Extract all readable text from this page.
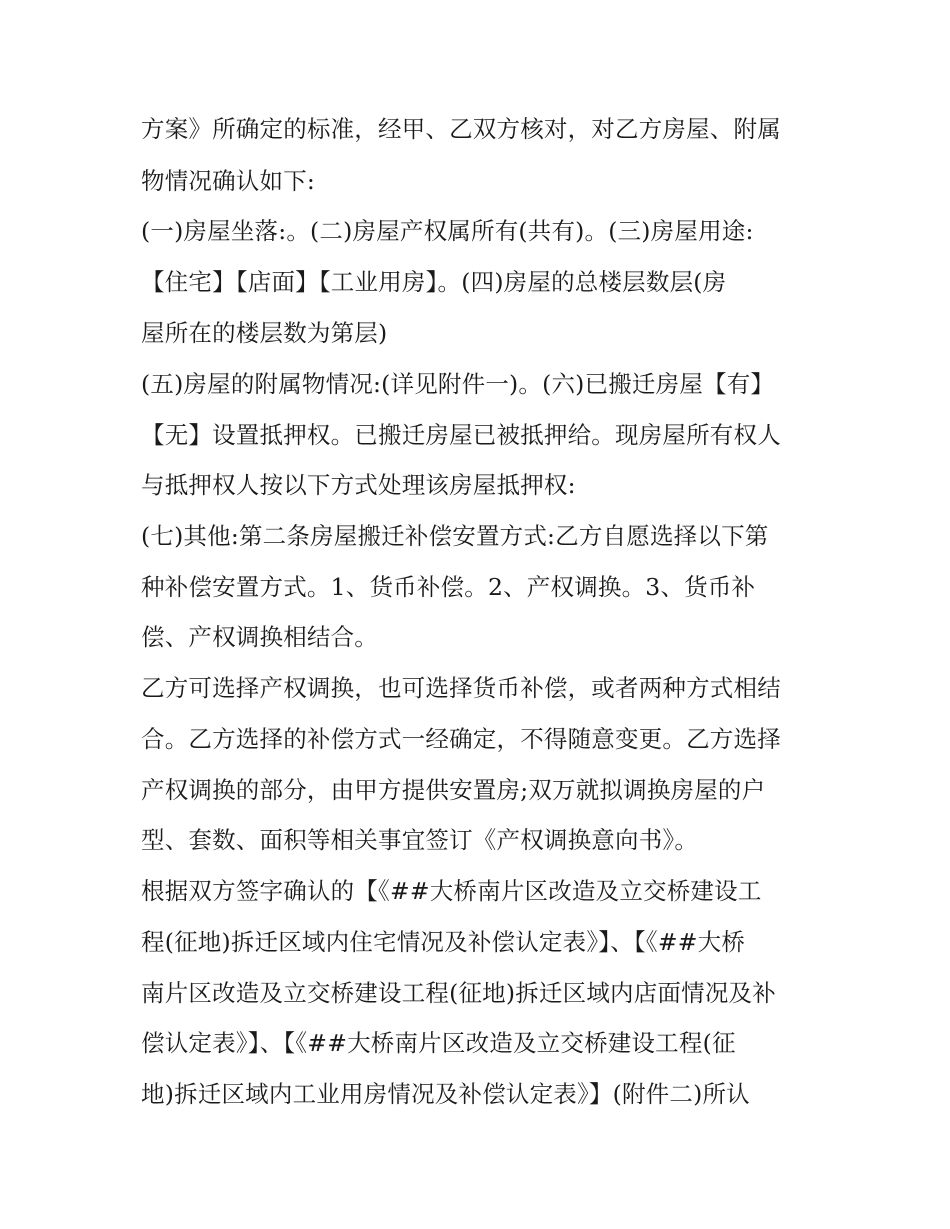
方案》所确定的标准，经甲、乙双方核对，对乙方房屋、附属
物情况确认如下:
(一)房屋坐落:。(二)房屋产权属所有(共有)。(三)房屋用途:
【住宅】【店面】【工业用房】。(四)房屋的总楼层数层(房
屋所在的楼层数为第层)
(五)房屋的附属物情况:(详见附件一)。(六)已搬迁房屋【有】
【无】设置抵押权。已搬迁房屋已被抵押给。现房屋所有权人
与抵押权人按以下方式处理该房屋抵押权:
(七)其他:第二条房屋搬迁补偿安置方式:乙方自愿选择以下第
种补偿安置方式。1、货币补偿。2、产权调换。3、货币补
偿、产权调换相结合。
乙方可选择产权调换，也可选择货币补偿，或者两种方式相结
合。乙方选择的补偿方式一经确定，不得随意变更。乙方选择
产权调换的部分，由甲方提供安置房;双万就拟调换房屋的户
型、套数、面积等相关事宜签订《产权调换意向书》。
根据双方签字确认的【《##大桥南片区改造及立交桥建设工
程(征地)拆迁区域内住宅情况及补偿认定表》】、【《##大桥
南片区改造及立交桥建设工程(征地)拆迁区域内店面情况及补
偿认定表》】、【《##大桥南片区改造及立交桥建设工程(征
地)拆迁区域内工业用房情况及补偿认定表》】(附件二)所认
